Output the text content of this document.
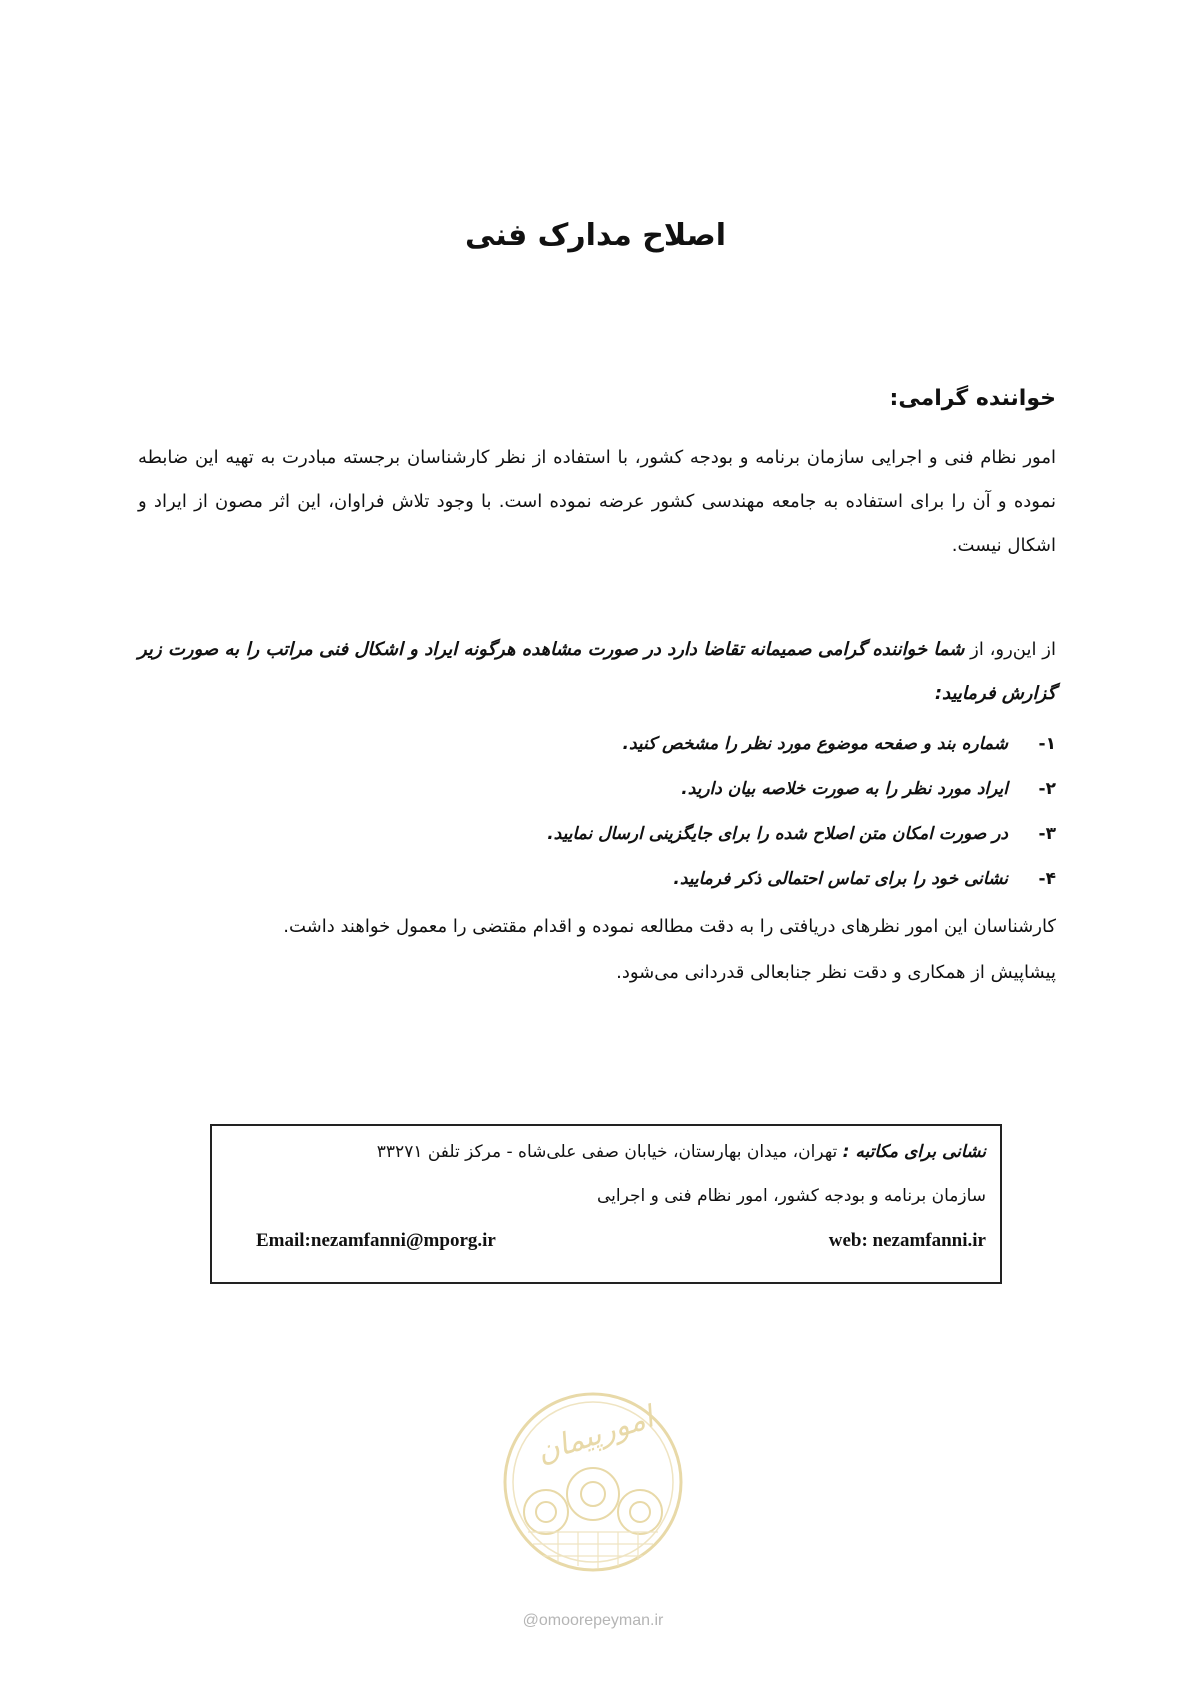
اصلاح مدارک فنی
خواننده گرامی:
امور نظام فنی و اجرایی سازمان برنامه و بودجه کشور، با استفاده از نظر کارشناسان برجسته مبادرت به تهیه این ضابطه نموده و آن را برای استفاده به جامعه مهندسی کشور عرضه نموده است. با وجود تلاش فراوان، این اثر مصون از ایراد و اشکال نیست.
از این‌رو، از شما خواننده گرامی صمیمانه تقاضا دارد در صورت مشاهده هرگونه ایراد و اشکال فنی مراتب را به صورت زیر گزارش فرمایید:
۱-شماره بند و صفحه موضوع مورد نظر را مشخص کنید.
۲-ایراد مورد نظر را به صورت خلاصه بیان دارید.
۳-در صورت امکان متن اصلاح شده را برای جایگزینی ارسال نمایید.
۴-نشانی خود را برای تماس احتمالی ذکر فرمایید.
کارشناسان این امور نظرهای دریافتی را به دقت مطالعه نموده و اقدام مقتضی را معمول خواهند داشت.
پیشاپیش از همکاری و دقت نظر جنابعالی قدردانی می‌شود.
نشانی برای مکاتبه : تهران، میدان بهارستان، خیابان صفی علی‌شاه - مرکز تلفن ۳۳۲۷۱
سازمان برنامه و بودجه کشور، امور نظام فنی و اجرایی
web: nezamfanni.ir
Email:nezamfanni@mporg.ir
امورپیمان
@omoorepeyman.ir
